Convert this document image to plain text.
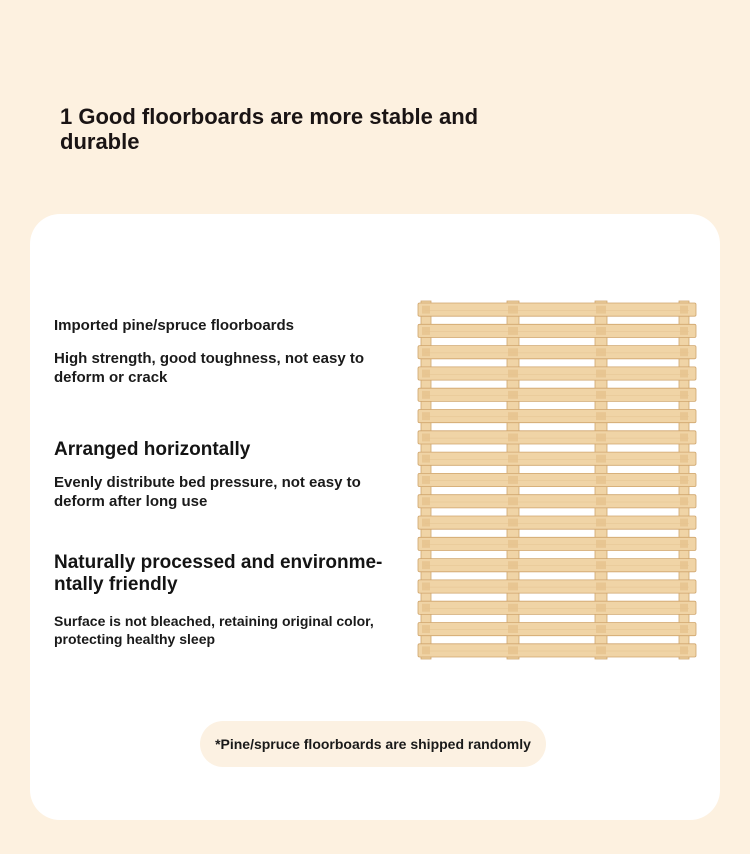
1 Good floorboards are more stable and durable

Imported pine/spruce floorboards

High strength, good toughness, not easy to deform or crack

Arranged horizontally

Evenly distribute bed pressure, not easy to deform after long use

Naturally processed and environme-ntally friendly

Surface is not bleached, retaining original color, protecting healthy sleep

*Pine/spruce floorboards are shipped randomly
